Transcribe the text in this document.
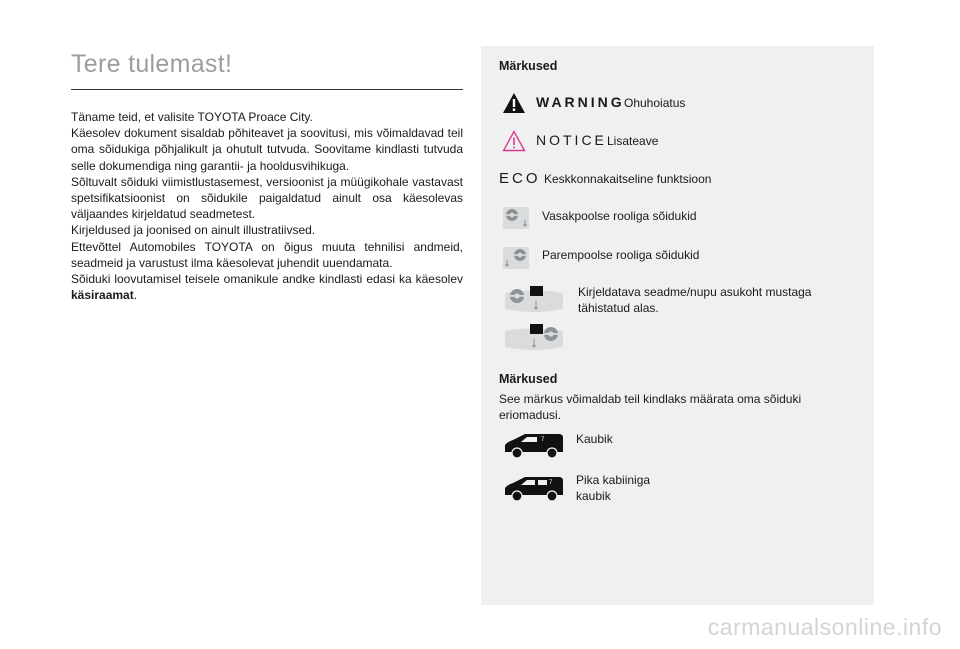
Tere tulemast!

Täname teid, et valisite TOYOTA Proace City.

Käesolev dokument sisaldab põhiteavet ja soovitusi, mis võimaldavad teil oma sõidukiga põhjalikult ja ohutult tutvuda. Soovitame kindlasti tutvuda selle dokumendiga ning garantii- ja hooldusvihikuga.

Sõltuvalt sõiduki viimistlustasemest, versioonist ja müügikohale vastavast spetsifikatsioonist on sõidukile paigaldatud ainult osa käesolevas väljaandes kirjeldatud seadmetest.

Kirjeldused ja joonised on ainult illustratiivsed.

Ettevõttel Automobiles TOYOTA on õigus muuta tehnilisi andmeid, seadmeid ja varustust ilma käesolevat juhendit uuendamata.

Sõiduki loovutamisel teisele omanikule andke kindlasti edasi ka käesolev
käsiraamat.

Märkused
WARNING Ohuhoiatus
NOTICE Lisateave
ECO Keskkonnakaitseline funktsioon
Vasakpoolse rooliga sõidukid
Parempoolse rooliga sõidukid
Kirjeldatava seadme/nupu asukoht mustaga
tähistatud alas.
Märkused
See märkus võimaldab teil kindlaks määrata oma sõiduki
eriomadusi.
7	Kaubik
7 Pika kabiiniga
kaubik
carmanualsonline.info
